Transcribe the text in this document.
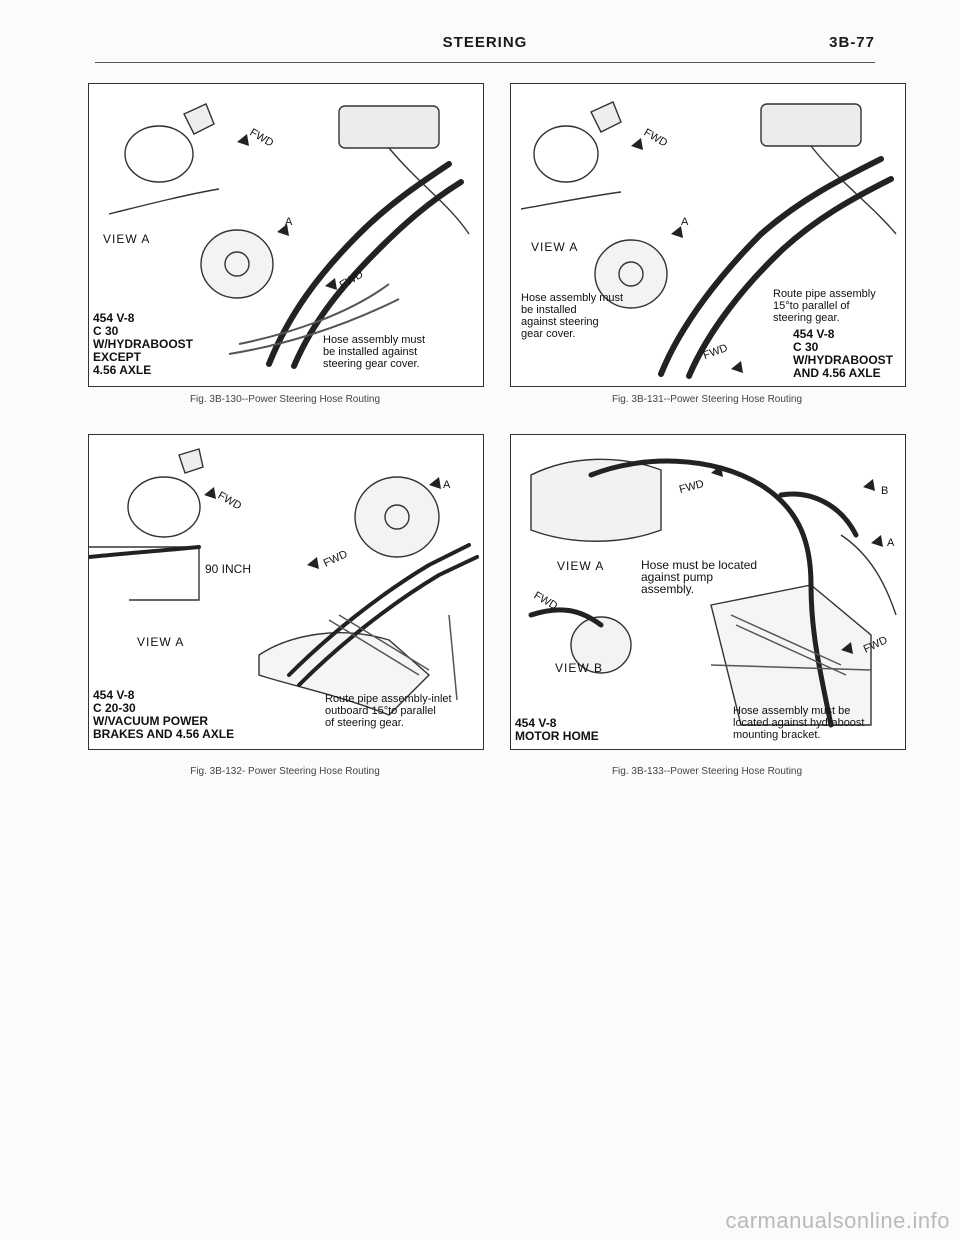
STEERING	3B-77
FWD
A
FWD
VIEW A
454 V-8
C 30
W/HYDRABOOST
EXCEPT
4.56 AXLE
Hose assembly must
be installed against
steering gear cover.
Fig. 3B-130--Power Steering Hose Routing
FWD
A
FWD
VIEW A
Hose assembly must
be installed
against steering
gear cover.
Route pipe assembly
15°to parallel of
steering gear.
454 V-8
C 30
W/HYDRABOOST
AND 4.56 AXLE
Fig. 3B-131--Power Steering Hose Routing
FWD
A
FWD
90 INCH
VIEW A
454 V-8
C 20-30
W/VACUUM POWER
BRAKES AND 4.56 AXLE
Route pipe assembly-inlet
outboard 15°to parallel
of steering gear.
Fig. 3B-132- Power Steering Hose Routing
FWD	B
A
FWD
FWD
VIEW A	Hose must be located
against pump
assembly.
VIEW B
454 V-8
MOTOR HOME
Hose assembly must be
located against hydraboost
mounting bracket.
Fig. 3B-133--Power Steering Hose Routing
carmanualsonline.info
